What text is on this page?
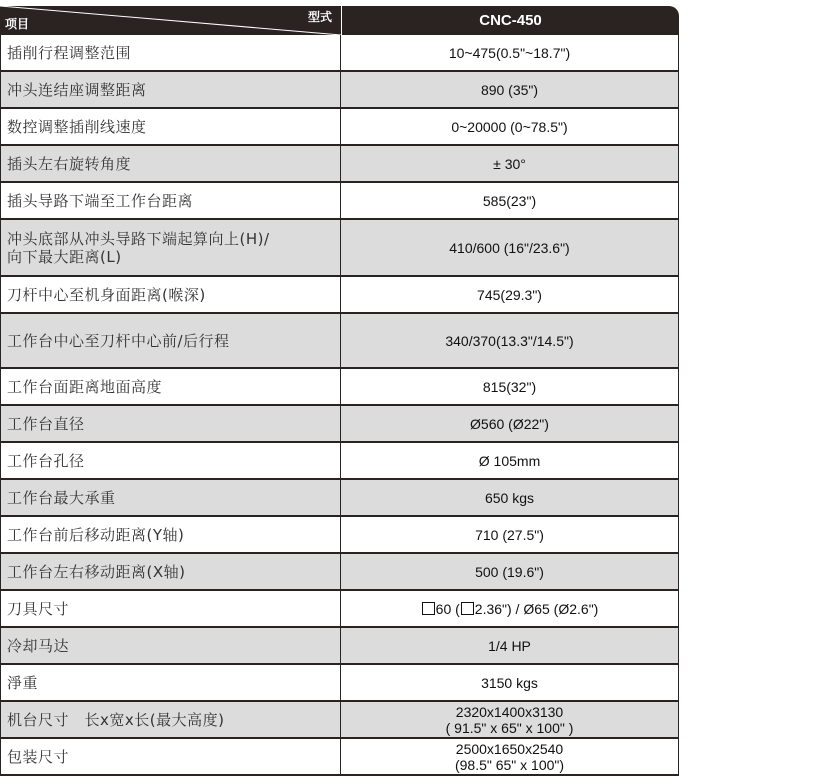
项目	型式	CNC-450
插削行程调整范围	10~475(0.5"~18.7")
冲头连结座调整距离	890 (35")
数控调整插削线速度	0~20000 (0~78.5")
插头左右旋转角度	± 30°
插头导路下端至工作台距离	585(23")
冲头底部从冲头导路下端起算向上(H)/
向下最大距离(L)	410/600 (16"/23.6")
刀杆中心至机身面距离(喉深)	745(29.3")
工作台中心至刀杆中心前/后行程	340/370(13.3"/14.5")
工作台面距离地面高度	815(32")
工作台直径	Ø560 (Ø22")
工作台孔径	Ø 105mm
工作台最大承重	650 kgs
工作台前后移动距离(Y轴)	710 (27.5")
工作台左右移动距离(X轴)	500 (19.6")
刀具尺寸	60 ( 2.36") / Ø65 (Ø2.6")
冷却马达	1/4 HP
淨重	3150 kgs
机台尺寸　长x宽x长(最大高度)	2320x1400x3130
( 91.5" x 65" x 100" )
包装尺寸	2500x1650x2540
(98.5" 65" x 100")
